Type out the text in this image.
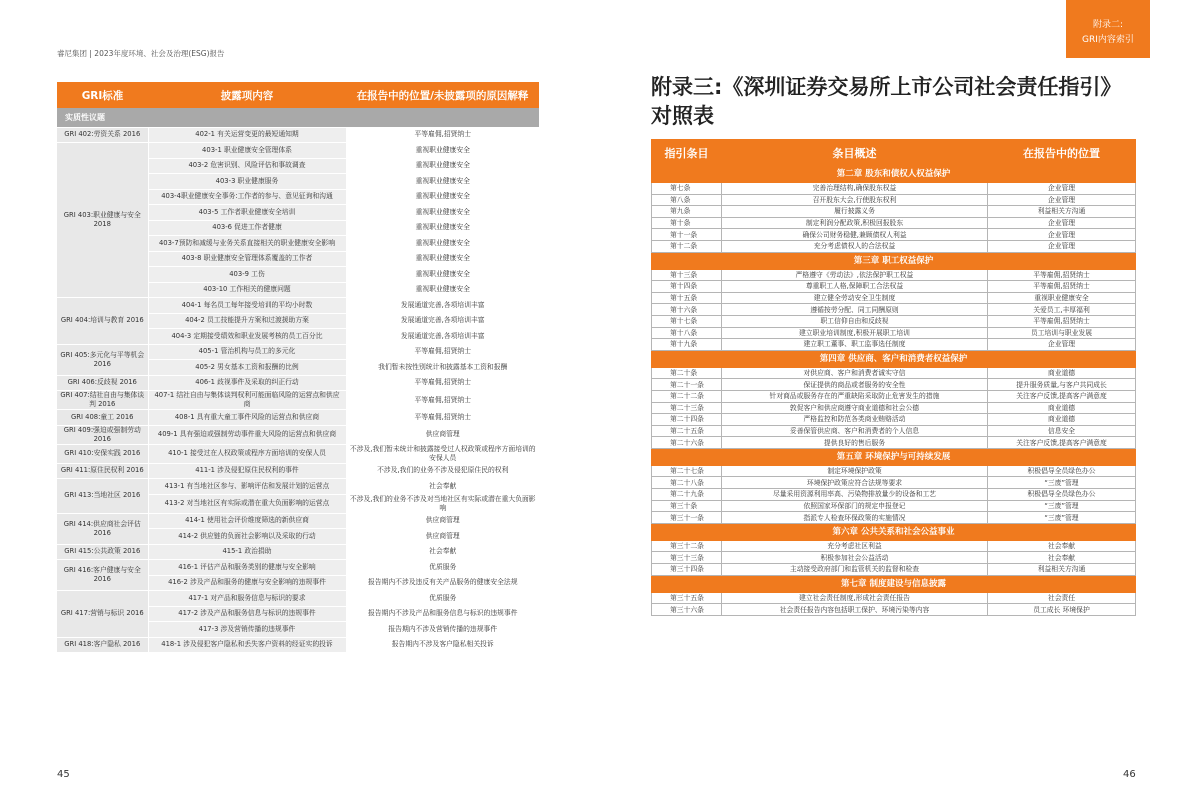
睿尼集团 | 2023年度环境、社会及治理(ESG)报告
附录二:
GRI内容索引
GRI标准	披露项内容	在报告中的位置/未披露项的原因解释
实质性议题		
GRI 402:劳资关系 2016	402-1 有关运营变更的最短通知期	平等雇佣,招贤纳士
GRI 403:职业健康与安全 2018	403-1 职业健康安全管理体系	重视职业健康安全
	403-2 危害识别、风险评估和事故调查	重视职业健康安全
	403-3 职业健康服务	重视职业健康安全
	403-4职业健康安全事务:工作者的参与、意见征询和沟通	重视职业健康安全
	403-5 工作者职业健康安全培训	重视职业健康安全
	403-6 促进工作者健康	重视职业健康安全
	403-7预防和减缓与业务关系直接相关的职业健康安全影响	重视职业健康安全
	403-8 职业健康安全管理体系覆盖的工作者	重视职业健康安全
	403-9 工伤	重视职业健康安全
	403-10 工作相关的健康问题	重视职业健康安全
GRI 404:培训与教育 2016	404-1 每名员工每年接受培训的平均小时数	发展通道完善,各项培训丰富
	404-2 员工技能提升方案和过渡援助方案	发展通道完善,各项培训丰富
	404-3 定期接受绩效和职业发展考核的员工百分比	发展通道完善,各项培训丰富
GRI 405:多元化与平等机会 2016	405-1 管治机构与员工的多元化	平等雇佣,招贤纳士
	405-2 男女基本工资和报酬的比例	我们暂未按性别统计和披露基本工资和报酬
GRI 406:反歧视 2016	406-1 歧视事件及采取的纠正行动	平等雇佣,招贤纳士
GRI 407:结社自由与集体谈判 2016	407-1 结社自由与集体谈判权利可能面临风险的运营点和供应商	平等雇佣,招贤纳士
GRI 408:童工 2016	408-1 具有重大童工事件风险的运营点和供应商	平等雇佣,招贤纳士
GRI 409:强迫或强制劳动 2016	409-1 具有强迫或强制劳动事件重大风险的运营点和供应商	供应商管理
GRI 410:安保实践 2016	410-1 接受过在人权政策或程序方面培训的安保人员	不涉及,我们暂未统计和披露接受过人权政策或程序方面培训的安保人员
GRI 411:原住民权利 2016	411-1 涉及侵犯原住民权利的事件	不涉及,我们的业务不涉及侵犯原住民的权利
GRI 413:当地社区 2016	413-1 有当地社区参与、影响评估和发展计划的运营点	社会奉献
	413-2 对当地社区有实际或潜在重大负面影响的运营点	不涉及,我们的业务不涉及对当地社区有实际或潜在重大负面影响
GRI 414:供应商社会评估 2016	414-1 使用社会评价维度筛选的新供应商	供应商管理
	414-2 供应链的负面社会影响以及采取的行动	供应商管理
GRI 415:公共政策 2016	415-1 政治捐助	社会奉献
GRI 416:客户健康与安全 2016	416-1 评估产品和服务类别的健康与安全影响	优质服务
	416-2 涉及产品和服务的健康与安全影响的违规事件	报告期内不涉及违反有关产品服务的健康安全法规
GRI 417:营销与标识 2016	417-1 对产品和服务信息与标识的要求	优质服务
	417-2 涉及产品和服务信息与标识的违规事件	报告期内不涉及产品和服务信息与标识的违规事件
	417-3 涉及营销传播的违规事件	报告期内不涉及营销传播的违规事件
GRI 418:客户隐私 2016	418-1 涉及侵犯客户隐私和丢失客户资料的经证实的投诉	报告期内不涉及客户隐私相关投诉
45
附录三:《深圳证券交易所上市公司社会责任指引》对照表
指引条目	条目概述	在报告中的位置
第二章 股东和债权人权益保护		
第七条	完善治理结构,确保股东权益	企业管理
第八条	召开股东大会,行使股东权利	企业管理
第九条	履行披露义务	利益相关方沟通
第十条	制定利润分配政策,积极回报股东	企业管理
第十一条	确保公司财务稳健,兼顾债权人利益	企业管理
第十二条	充分考虑债权人的合法权益	企业管理
第三章 职工权益保护		
第十三条	严格遵守《劳动法》,依法保护职工权益	平等雇佣,招贤纳士
第十四条	尊重职工人格,保障职工合法权益	平等雇佣,招贤纳士
第十五条	建立健全劳动安全卫生制度	重视职业健康安全
第十六条	遵循按劳分配、同工同酬原则	关爱员工,丰厚福利
第十七条	职工信仰自由和反歧视	平等雇佣,招贤纳士
第十八条	建立职业培训制度,积极开展职工培训	员工培训与职业发展
第十九条	建立职工董事、职工监事选任制度	企业管理
第四章 供应商、客户和消费者权益保护		
第二十条	对供应商、客户和消费者诚实守信	商业道德
第二十一条	保证提供的商品或者服务的安全性	提升服务质量,与客户共同成长
第二十二条	针对商品或服务存在的严重缺陷采取防止危害发生的措施	关注客户反馈,提高客户满意度
第二十三条	敦促客户和供应商遵守商业道德和社会公德	商业道德
第二十四条	严格监控和防范各类商业贿赂活动	商业道德
第二十五条	妥善保管供应商、客户和消费者的个人信息	信息安全
第二十六条	提供良好的售后服务	关注客户反馈,提高客户满意度
第五章 环境保护与可持续发展		
第二十七条	制定环境保护政策	积极倡导全员绿色办公
第二十八条	环境保护政策应符合法规等要求	“三废”管理
第二十九条	尽量采用资源利用率高、污染物排放量少的设备和工艺	积极倡导全员绿色办公
第三十条	依照国家环保部门的规定申报登记	“三废”管理
第三十一条	指派专人检查环保政策的实施情况	“三废”管理
第六章 公共关系和社会公益事业		
第三十二条	充分考虑社区利益	社会奉献
第三十三条	积极参加社会公益活动	社会奉献
第三十四条	主动接受政府部门和监管机关的监督和检查	利益相关方沟通
第七章 制度建设与信息披露		
第三十五条	建立社会责任制度,形成社会责任报告	社会责任
第三十六条	社会责任报告内容包括职工保护、环境污染等内容	员工成长 环境保护
46
